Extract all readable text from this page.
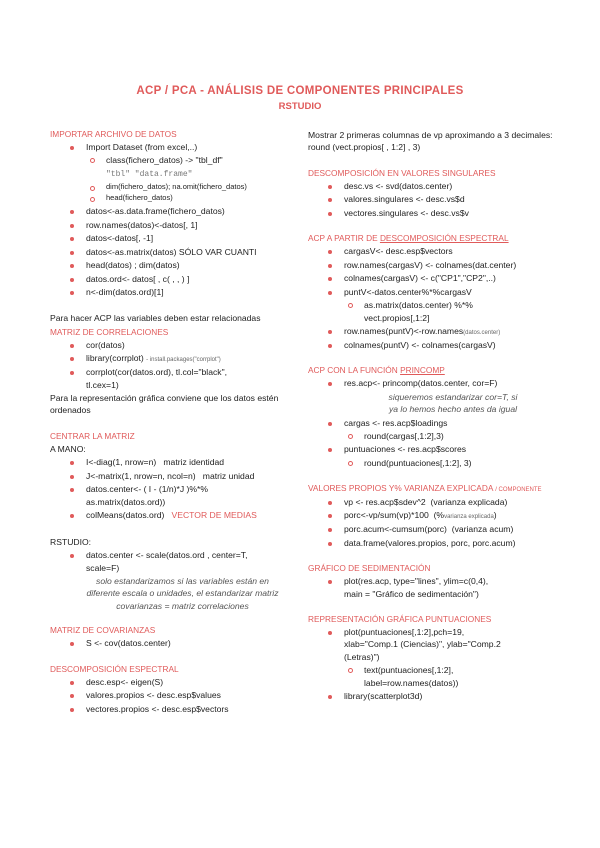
ACP / PCA - ANÁLISIS DE COMPONENTES PRINCIPALES
RSTUDIO
IMPORTAR ARCHIVO DE DATOS
Import Dataset (from excel,..)
class(fichero_datos) -> "tbl_df"
"tbl" "data.frame"
dim(fichero_datos); na.omit(fichero_datos)
head(fichero_datos)
datos<-as.data.frame(fichero_datos)
row.names(datos)<-datos[, 1]
datos<-datos[, -1]
datos<-as.matrix(datos) SÓLO VAR CUANTI
head(datos) ; dim(datos)
datos.ord<- datos[ , c( , , ) ]
n<-dim(datos.ord)[1]
Para hacer ACP las variables deben estar relacionadas
MATRIZ DE CORRELACIONES
cor(datos)
library(corrplot) - install.packages("corrplot")
corrplot(cor(datos.ord), tl.col="black",
tl.cex=1)
Para la representación gráfica conviene que los datos estén ordenados
CENTRAR LA MATRIZ
A MANO:
I<-diag(1, nrow=n) matriz identidad
J<-matrix(1, nrow=n, ncol=n) matriz unidad
datos.center<- ( I - (1/n)*J )%*%
as.matrix(datos.ord))
colMeans(datos.ord) VECTOR DE MEDIAS
RSTUDIO:
datos.center <- scale(datos.ord , center=T,
scale=F)
solo estandarizamos si las variables están en diferente escala o unidades, el estandarizar matriz covarianzas = matriz correlaciones
MATRIZ DE COVARIANZAS
S <- cov(datos.center)
DESCOMPOSICIÓN ESPECTRAL
desc.esp<- eigen(S)
valores.propios <- desc.esp$values
vectores.propios <- desc.esp$vectors
Mostrar 2 primeras columnas de vp aproximando a 3 decimales: round (vect.propios[ , 1:2] , 3)
DESCOMPOSICIÓN EN VALORES SINGULARES
desc.vs <- svd(datos.center)
valores.singulares <- desc.vs$d
vectores.singulares <- desc.vs$v
ACP A PARTIR DE DESCOMPOSICIÓN ESPECTRAL
cargasV<- desc.esp$vectors
row.names(cargasV) <- colnames(dat.center)
colnames(cargasV) <- c("CP1","CP2",..)
puntV<-datos.center%*%cargasV
as.matrix(datos.center) %*%
vect.propios[,1:2]
row.names(puntV)<-row.names(datos.center)
colnames(puntV) <- colnames(cargasV)
ACP CON LA FUNCIÓN PRINCOMP
res.acp<- princomp(datos.center, cor=F)
siqueremos estandarizar cor=T, si
ya lo hemos hecho antes da igual
cargas <- res.acp$loadings
round(cargas[,1:2],3)
puntuaciones <- res.acp$scores
round(puntuaciones[,1:2], 3)
VALORES PROPIOS Y% VARIANZA EXPLICADA / COMPONENTE
vp <- res.acp$sdev^2 (varianza explicada)
porc<-vp/sum(vp)*100 (%varianza explicada)
porc.acum<-cumsum(porc) (varianza acum)
data.frame(valores.propios, porc, porc.acum)
GRÁFICO DE SEDIMENTACIÓN
plot(res.acp, type="lines", ylim=c(0,4),
main = "Gráfico de sedimentación")
REPRESENTACIÓN GRÁFICA PUNTUACIONES
plot(puntuaciones[,1:2],pch=19,
xlab="Comp.1 (Ciencias)", ylab="Comp.2
(Letras)")
text(puntuaciones[,1:2],
label=row.names(datos))
library(scatterplot3d)
